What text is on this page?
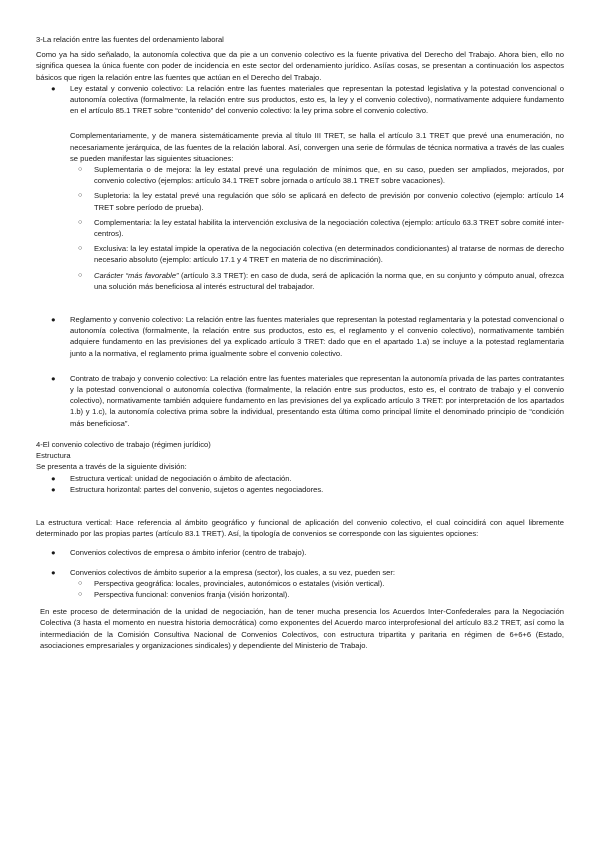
3-La relación entre las fuentes del ordenamiento laboral

Como ya ha sido señalado, la autonomía colectiva que da pie a un convenio colectivo es la fuente privativa del Derecho del Trabajo. Ahora bien, ello no significa quesea la única fuente con poder de incidencia en este sector del ordenamiento jurídico. Asíías cosas, se presentan a continuación los aspectos básicos que rigen la relación entre las fuentes que actúan en el Derecho del Trabajo.

● Ley estatal y convenio colectivo: La relación entre las fuentes materiales que representan la potestad legislativa y la potestad convencional o autonomía colectiva (formalmente, la relación entre sus productos, esto es, la ley y el convenio colectivo), normativamente adquiere fundamento en el artículo 85.1 TRET sobre “contenido” del convenio colectivo: la ley prima sobre el convenio colectivo.

Complementariamente, y de manera sistemáticamente previa al título III TRET, se halla el artículo 3.1 TRET que prevé una enumeración, no necesariamente jerárquica, de las fuentes de la relación laboral. Así, convergen una serie de fórmulas de técnica normativa a través de las cuales se pueden manifestar las siguientes situaciones:

○ Suplementaria o de mejora: la ley estatal prevé una regulación de mínimos que, en su caso, pueden ser ampliados, mejorados, por convenio colectivo (ejemplos: artículo 34.1 TRET sobre jornada o artículo 38.1 TRET sobre vacaciones).

○ Supletoria: la ley estatal prevé una regulación que sólo se aplicará en defecto de previsión por convenio colectivo (ejemplo: artículo 14 TRET sobre período de prueba).

○ Complementaria: la ley estatal habilita la intervención exclusiva de la negociación colectiva (ejemplo: artículo 63.3 TRET sobre comité inter-centros).

○ Exclusiva: la ley estatal impide la operativa de la negociación colectiva (en determinados condicionantes) al tratarse de normas de derecho necesario absoluto (ejemplo: artículo 17.1 y 4 TRET en materia de no discriminación).

○ Carácter “más favorable” (artículo 3.3 TRET): en caso de duda, será de aplicación la norma que, en su conjunto y cómputo anual, ofrezca una solución más beneficiosa al interés estructural del trabajador.

● Reglamento y convenio colectivo: La relación entre las fuentes materiales que representan la potestad reglamentaria y la potestad convencional o autonomía colectiva (formalmente, la relación entre sus productos, esto es, el reglamento y el convenio colectivo), normativamente también adquiere fundamento en las previsiones del ya explicado artículo 3 TRET: dado que en el apartado 1.a) se incluye a la potestad reglamentaria junto a la normativa, el reglamento prima igualmente sobre el convenio colectivo.

● Contrato de trabajo y convenio colectivo: La relación entre las fuentes materiales que representan la autonomía privada de las partes contratantes y la potestad convencional o autonomía colectiva (formalmente, la relación entre sus productos, esto es, el contrato de trabajo y el convenio colectivo), normativamente también adquiere fundamento en las previsiones del ya explicado artículo 3 TRET: por interpretación de los apartados 1.b) y 1.c), la autonomía colectiva prima sobre la individual, presentando esta última como principal límite el denominado principio de “condición más beneficiosa”.

4-El convenio colectivo de trabajo (régimen jurídico)

Estructura

Se presenta a través de la siguiente división:

● Estructura vertical: unidad de negociación o ámbito de afectación.

● Estructura horizontal: partes del convenio, sujetos o agentes negociadores.

La estructura vertical: Hace referencia al ámbito geográfico y funcional de aplicación del convenio colectivo, el cual coincidirá con aquel libremente determinado por las propias partes (artículo 83.1 TRET). Así, la tipología de convenios se corresponde con las siguientes opciones:

● Convenios colectivos de empresa o ámbito inferior (centro de trabajo).

● Convenios colectivos de ámbito superior a la empresa (sector), los cuales, a su vez, pueden ser:

○ Perspectiva geográfica: locales, provinciales, autonómicos o estatales (visión vertical).

○ Perspectiva funcional: convenios franja (visión horizontal).

En este proceso de determinación de la unidad de negociación, han de tener mucha presencia los Acuerdos Inter-Confederales para la Negociación Colectiva (3 hasta el momento en nuestra historia democrática) como exponentes del Acuerdo marco interprofesional del artículo 83.2 TRET, así como la intermediación de la Comisión Consultiva Nacional de Convenios Colectivos, con estructura tripartita y paritaria en régimen de 6+6+6 (Estado, asociaciones empresariales y organizaciones sindicales) y dependiente del Ministerio de Trabajo.
